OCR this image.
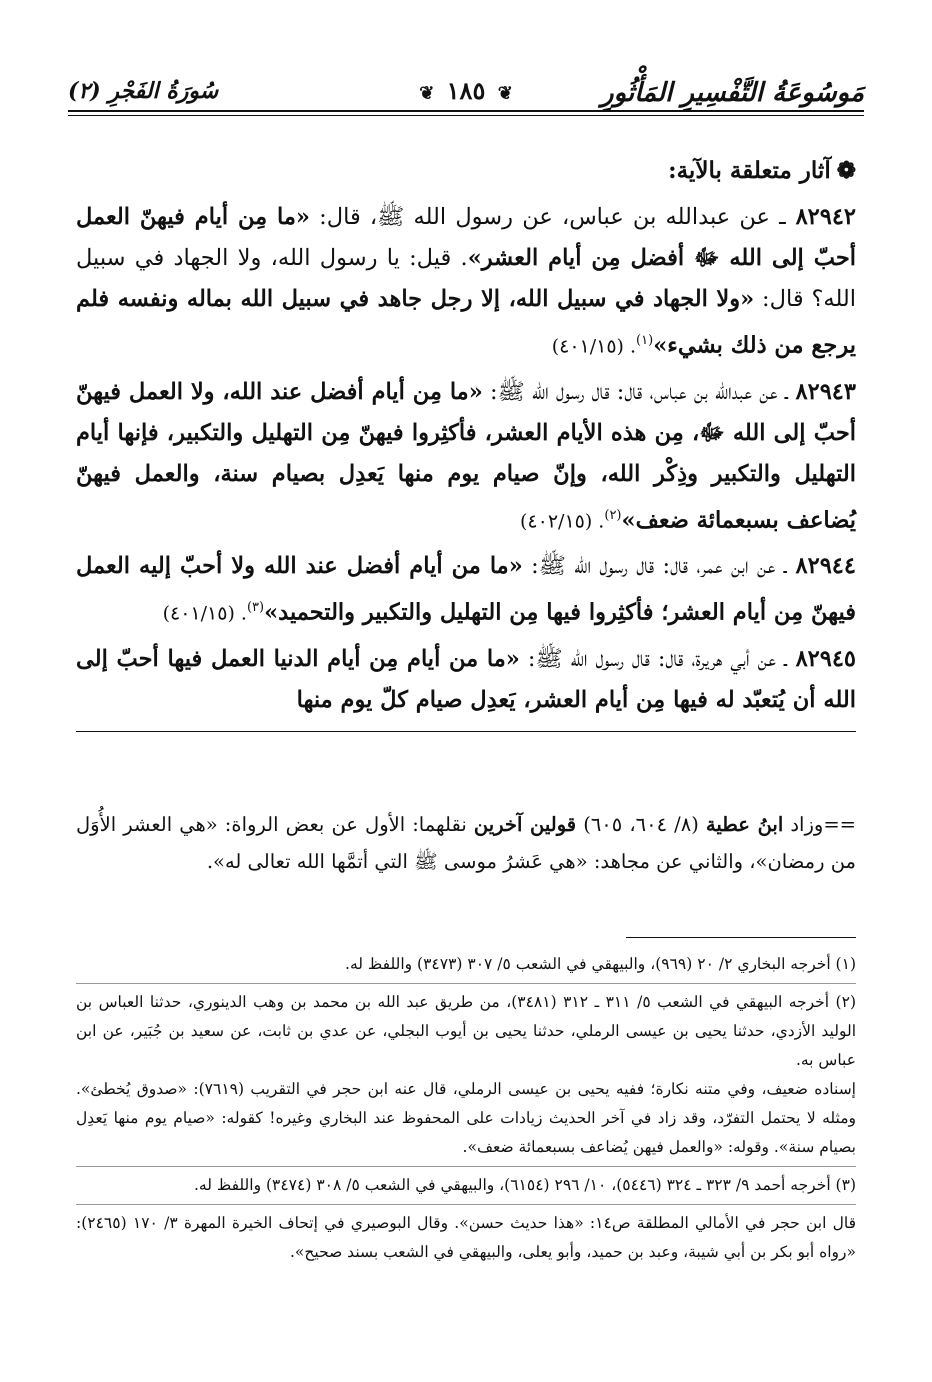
مَوسُوعَةُ التَّفْسِيرِ المَأْثُورِ
❦ ١٨٥ ❦
سُورَةُ الفَجْرِ (٢)
❁آثار متعلقة بالآية:

٨٢٩٤٢ ـ عن عبدالله بن عباس، عن رسول الله ﷺ، قال: «ما مِن أيام فيهنّ العمل أحبّ إلى الله ﷻ أفضل مِن أيام العشر». قيل: يا رسول الله، ولا الجهاد في سبيل الله؟ قال: «ولا الجهاد في سبيل الله، إلا رجل جاهد في سبيل الله بماله ونفسه فلم يرجع من ذلك بشيء»$^{(١)}$. (٤٠١/١٥)

٨٢٩٤٣ ـ عن عبدالله بن عباس، قال: قال رسول الله ﷺ: «ما مِن أيام أفضل عند الله، ولا العمل فيهنّ أحبّ إلى الله ﷻ، مِن هذه الأيام العشر، فأكثِروا فيهنّ مِن التهليل والتكبير، فإنها أيام التهليل والتكبير وذِكْر الله، وإنّ صيام يوم منها يَعدِل بصيام سنة، والعمل فيهنّ يُضاعف بسبعمائة ضعف»$^{(٢)}$. (٤٠٢/١٥)

٨٢٩٤٤ ـ عن ابن عمر، قال: قال رسول الله ﷺ: «ما من أيام أفضل عند الله ولا أحبّ إليه العمل فيهنّ مِن أيام العشر؛ فأكثِروا فيها مِن التهليل والتكبير والتحميد»$^{(٣)}$. (٤٠١/١٥)

٨٢٩٤٥ ـ عن أبي هريرة، قال: قال رسول الله ﷺ: «ما من أيام مِن أيام الدنيا العمل فيها أحبّ إلى الله أن يُتعبّد له فيها مِن أيام العشر، يَعدِل صيام كلّ يوم منها

==وزاد ابنُ عطية (٨/ ٦٠٤، ٦٠٥) قولين آخرين نقلهما: الأول عن بعض الرواة: «هي العشر الأُوَل من رمضان»، والثاني عن مجاهد: «هي عَشرُ موسى ﷺ التي أتمَّها الله تعالى له».

(١) أخرجه البخاري ٢/ ٢٠ (٩٦٩)، والبيهقي في الشعب ٥/ ٣٠٧ (٣٤٧٣) واللفظ له.

(٢) أخرجه البيهقي في الشعب ٥/ ٣١١ ـ ٣١٢ (٣٤٨١)، من طريق عبد الله بن محمد بن وهب الدينوري، حدثنا العباس بن الوليد الأزدي، حدثنا يحيى بن عيسى الرملي، حدثنا يحيى بن أيوب البجلي، عن عدي بن ثابت، عن سعيد بن جُبَير، عن ابن عباس به.

إسناده ضعيف، وفي متنه نكارة؛ ففيه يحيى بن عيسى الرملي، قال عنه ابن حجر في التقريب (٧٦١٩): «صدوق يُخطئ». ومثله لا يحتمل التفرّد، وقد زاد في آخر الحديث زيادات على المحفوظ عند البخاري وغيره! كقوله: «صيام يوم منها يَعدِل بصيام سنة». وقوله: «والعمل فيهن يُضاعف بسبعمائة ضعف».

(٣) أخرجه أحمد ٩/ ٣٢٣ ـ ٣٢٤ (٥٤٤٦)، ١٠/ ٢٩٦ (٦١٥٤)، والبيهقي في الشعب ٥/ ٣٠٨ (٣٤٧٤) واللفظ له.

قال ابن حجر في الأمالي المطلقة ص١٤: «هذا حديث حسن». وقال البوصيري في إتحاف الخيرة المهرة ٣/ ١٧٠ (٢٤٦٥): «رواه أبو بكر بن أبي شيبة، وعبد بن حميد، وأبو يعلى، والبيهقي في الشعب بسند صحيح».
